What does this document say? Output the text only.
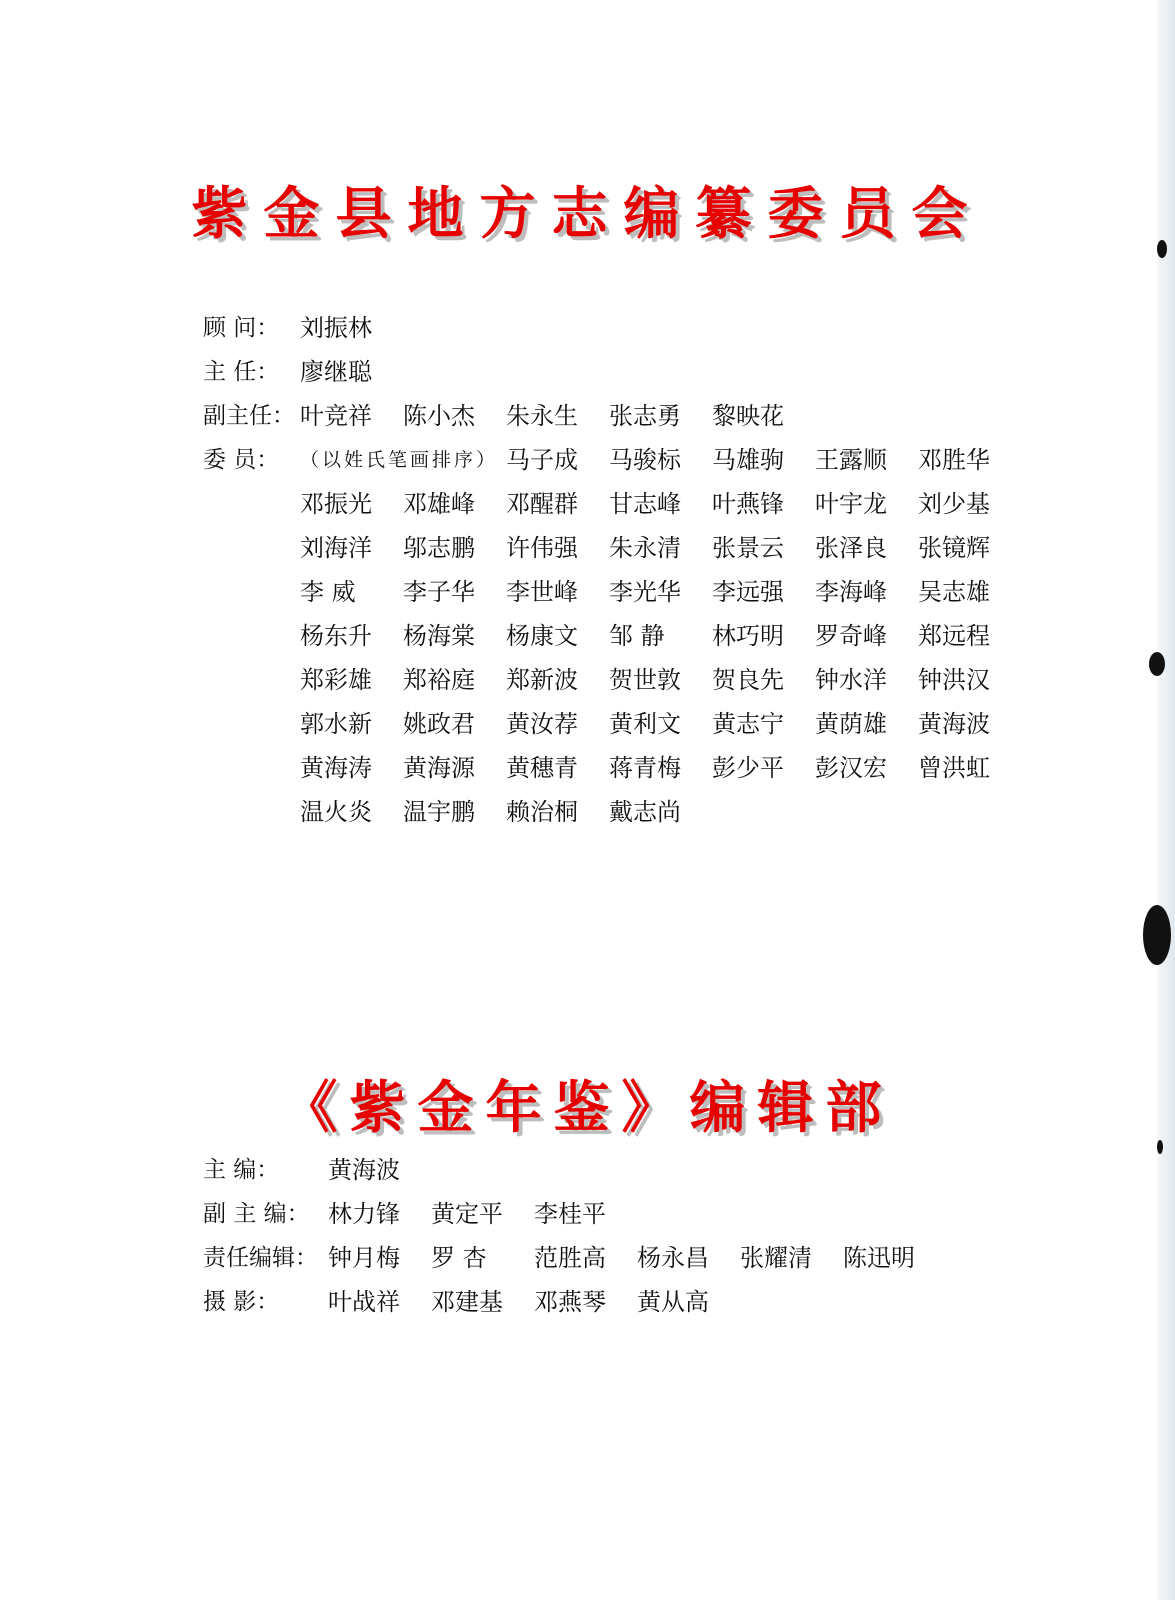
紫金县地方志编纂委员会
顾 问： 刘振林
主 任： 廖继聪
副主任： 叶竞祥 陈小杰 朱永生 张志勇 黎映花
委 员： （以姓氏笔画排序） 马子成 马骏标 马雄驹 王露顺 邓胜华
邓振光 邓雄峰 邓醒群 甘志峰 叶燕锋 叶宇龙 刘少基
刘海洋 邬志鹏 许伟强 朱永清 张景云 张泽良 张镜辉
李 威 李子华 李世峰 李光华 李远强 李海峰 吴志雄
杨东升 杨海棠 杨康文 邹 静 林巧明 罗奇峰 郑远程
郑彩雄 郑裕庭 郑新波 贺世敦 贺良先 钟水洋 钟洪汉
郭水新 姚政君 黄汝荐 黄利文 黄志宁 黄荫雄 黄海波
黄海涛 黄海源 黄穗青 蒋青梅 彭少平 彭汉宏 曾洪虹
温火炎 温宇鹏 赖治桐 戴志尚
《紫金年鉴》编辑部
主 编： 黄海波
副 主 编： 林力锋 黄定平 李桂平
责任编辑： 钟月梅 罗 杏 范胜高 杨永昌 张耀清 陈迅明
摄 影： 叶战祥 邓建基 邓燕琴 黄从高
